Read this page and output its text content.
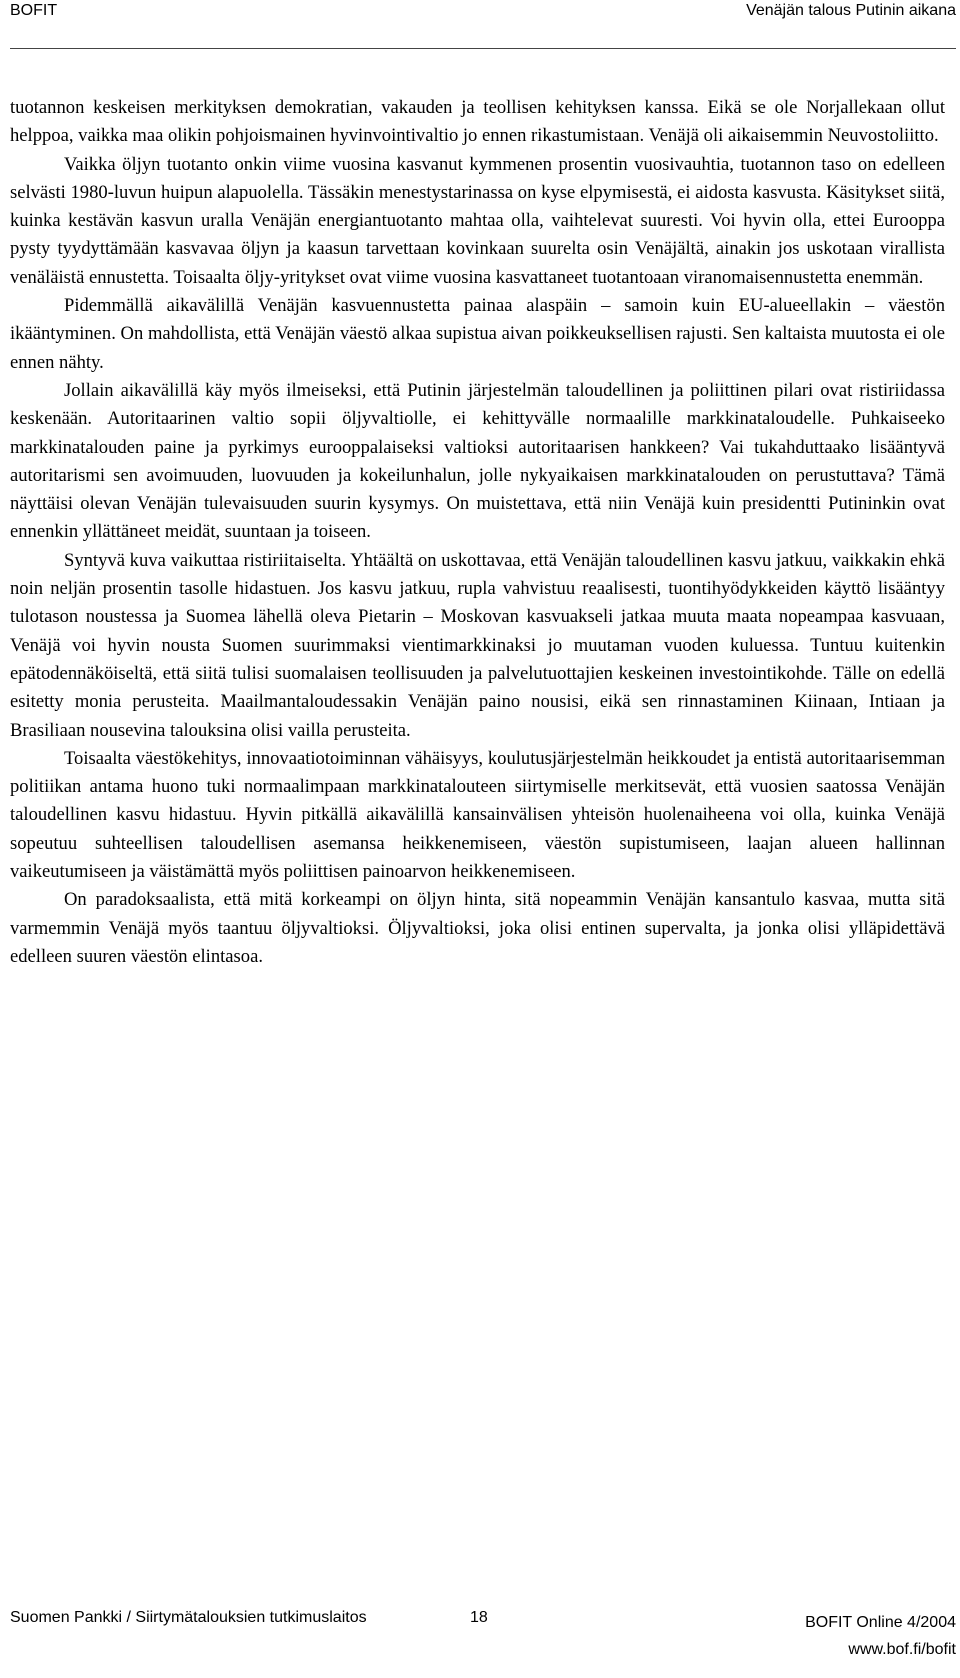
BOFIT	Venäjän talous Putinin aikana

tuotannon keskeisen merkityksen demokratian, vakauden ja teollisen kehityksen kanssa. Eikä se ole Norjallekaan ollut helppoa, vaikka maa olikin pohjoismainen hyvinvointivaltio jo ennen rikastumistaan. Venäjä oli aikaisemmin Neuvostoliitto.

Vaikka öljyn tuotanto onkin viime vuosina kasvanut kymmenen prosentin vuosivauhtia, tuotannon taso on edelleen selvästi 1980-luvun huipun alapuolella. Tässäkin menestystarinassa on kyse elpymisestä, ei aidosta kasvusta. Käsitykset siitä, kuinka kestävän kasvun uralla Venäjän energiantuotanto mahtaa olla, vaihtelevat suuresti. Voi hyvin olla, ettei Eurooppa pysty tyydyttämään kasvavaa öljyn ja kaasun tarvettaan kovinkaan suurelta osin Venäjältä, ainakin jos uskotaan virallista venäläistä ennustetta. Toisaalta öljy-yritykset ovat viime vuosina kasvattaneet tuotantoaan viranomaisennustetta enemmän.

Pidemmällä aikavälillä Venäjän kasvuennustetta painaa alaspäin – samoin kuin EU-alueellakin – väestön ikääntyminen. On mahdollista, että Venäjän väestö alkaa supistua aivan poikkeuksellisen rajusti. Sen kaltaista muutosta ei ole ennen nähty.

Jollain aikavälillä käy myös ilmeiseksi, että Putinin järjestelmän taloudellinen ja poliittinen pilari ovat ristiriidassa keskenään. Autoritaarinen valtio sopii öljyvaltiolle, ei kehittyvälle normaalille markkinataloudelle. Puhkaiseeko markkinatalouden paine ja pyrkimys eurooppalaiseksi valtioksi autoritaarisen hankkeen? Vai tukahduttaako lisääntyvä autoritarismi sen avoimuuden, luovuuden ja kokeilunhalun, jolle nykyaikaisen markkinatalouden on perustuttava? Tämä näyttäisi olevan Venäjän tulevaisuuden suurin kysymys. On muistettava, että niin Venäjä kuin presidentti Putininkin ovat ennenkin yllättäneet meidät, suuntaan ja toiseen.

Syntyvä kuva vaikuttaa ristiriitaiselta. Yhtäältä on uskottavaa, että Venäjän taloudellinen kasvu jatkuu, vaikkakin ehkä noin neljän prosentin tasolle hidastuen. Jos kasvu jatkuu, rupla vahvistuu reaalisesti, tuontihyödykkeiden käyttö lisääntyy tulotason noustessa ja Suomea lähellä oleva Pietarin – Moskovan kasvuakseli jatkaa muuta maata nopeampaa kasvuaan, Venäjä voi hyvin nousta Suomen suurimmaksi vientimarkkinaksi jo muutaman vuoden kuluessa. Tuntuu kuitenkin epätodennäköiseltä, että siitä tulisi suomalaisen teollisuuden ja palvelutuottajien keskeinen investointikohde. Tälle on edellä esitetty monia perusteita. Maailmantaloudessakin Venäjän paino nousisi, eikä sen rinnastaminen Kiinaan, Intiaan ja Brasiliaan nousevina talouksina olisi vailla perusteita.

Toisaalta väestökehitys, innovaatiotoiminnan vähäisyys, koulutusjärjestelmän heikkoudet ja entistä autoritaarisemman politiikan antama huono tuki normaalimpaan markkinatalouteen siirtymiselle merkitsevät, että vuosien saatossa Venäjän taloudellinen kasvu hidastuu. Hyvin pitkällä aikavälillä kansainvälisen yhteisön huolenaiheena voi olla, kuinka Venäjä sopeutuu suhteellisen taloudellisen asemansa heikkenemiseen, väestön supistumiseen, laajan alueen hallinnan vaikeutumiseen ja väistämättä myös poliittisen painoarvon heikkenemiseen.

On paradoksaalista, että mitä korkeampi on öljyn hinta, sitä nopeammin Venäjän kansantulo kasvaa, mutta sitä varmemmin Venäjä myös taantuu öljyvaltioksi. Öljyvaltioksi, joka olisi entinen supervalta, ja jonka olisi ylläpidettävä edelleen suuren väestön elintasoa.

Suomen Pankki / Siirtymätalouksien tutkimuslaitos	18	BOFIT Online 4/2004
www.bof.fi/bofit
